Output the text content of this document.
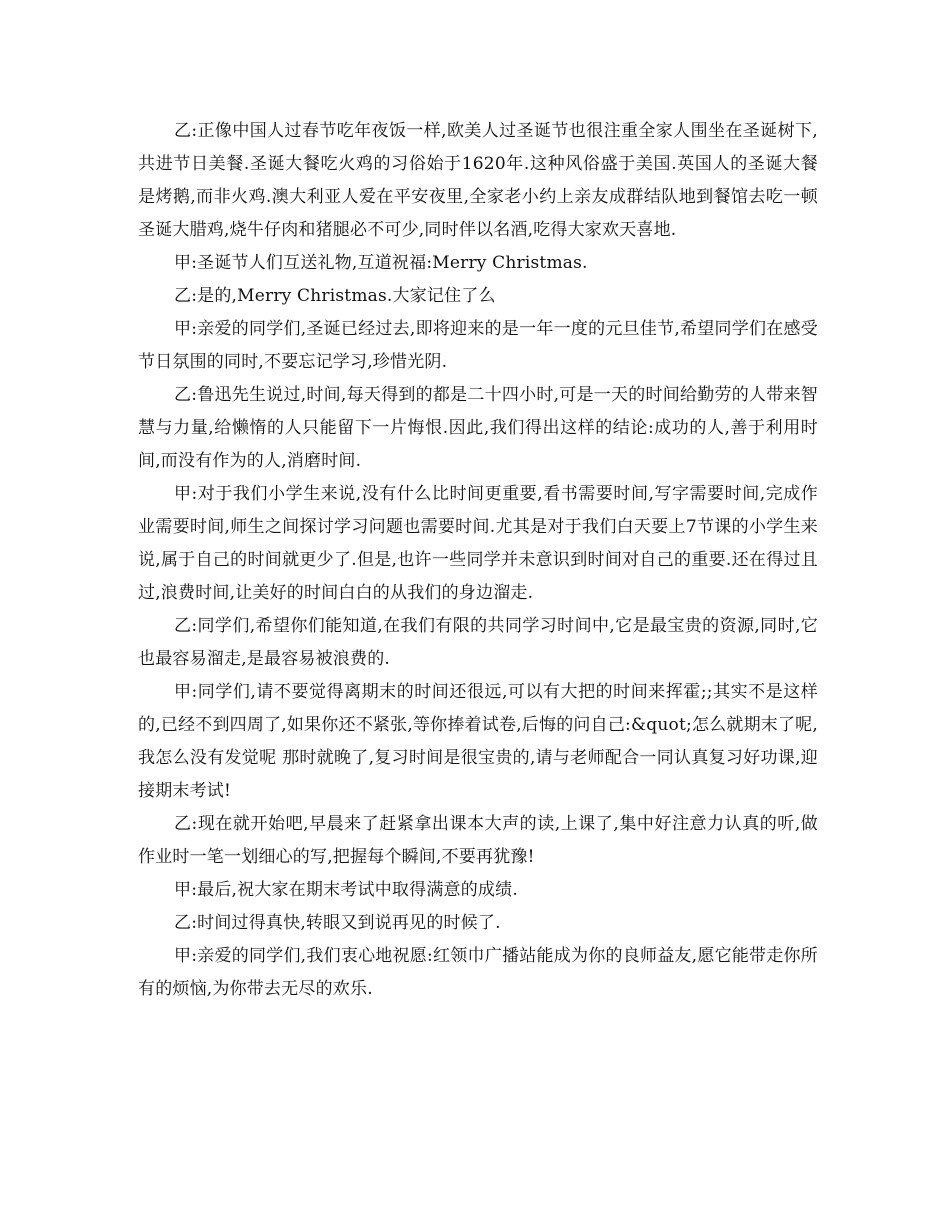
乙:正像中国人过春节吃年夜饭一样,欧美人过圣诞节也很注重全家人围坐在圣诞树下,共进节日美餐.圣诞大餐吃火鸡的习俗始于1620年.这种风俗盛于美国.英国人的圣诞大餐是烤鹅,而非火鸡.澳大利亚人爱在平安夜里,全家老小约上亲友成群结队地到餐馆去吃一顿圣诞大腊鸡,烧牛仔肉和猪腿必不可少,同时伴以名酒,吃得大家欢天喜地.

甲:圣诞节人们互送礼物,互道祝福:Merry Christmas.

乙:是的,Merry Christmas.大家记住了么

甲:亲爱的同学们,圣诞已经过去,即将迎来的是一年一度的元旦佳节,希望同学们在感受节日氛围的同时,不要忘记学习,珍惜光阴.

乙:鲁迅先生说过,时间,每天得到的都是二十四小时,可是一天的时间给勤劳的人带来智慧与力量,给懒惰的人只能留下一片悔恨.因此,我们得出这样的结论:成功的人,善于利用时间,而没有作为的人,消磨时间.

甲:对于我们小学生来说,没有什么比时间更重要,看书需要时间,写字需要时间,完成作业需要时间,师生之间探讨学习问题也需要时间.尤其是对于我们白天要上7节课的小学生来说,属于自己的时间就更少了.但是,也许一些同学并未意识到时间对自己的重要.还在得过且过,浪费时间,让美好的时间白白的从我们的身边溜走.

乙:同学们,希望你们能知道,在我们有限的共同学习时间中,它是最宝贵的资源,同时,它也最容易溜走,是最容易被浪费的.

甲:同学们,请不要觉得离期末的时间还很远,可以有大把的时间来挥霍;;其实不是这样的,已经不到四周了,如果你还不紧张,等你捧着试卷,后悔的问自己:&quot;怎么就期末了呢,我怎么没有发觉呢 那时就晚了,复习时间是很宝贵的,请与老师配合一同认真复习好功课,迎接期末考试!

乙:现在就开始吧,早晨来了赶紧拿出课本大声的读,上课了,集中好注意力认真的听,做作业时一笔一划细心的写,把握每个瞬间,不要再犹豫!

甲:最后,祝大家在期末考试中取得满意的成绩.

乙:时间过得真快,转眼又到说再见的时候了.

甲:亲爱的同学们,我们衷心地祝愿:红领巾广播站能成为你的良师益友,愿它能带走你所有的烦恼,为你带去无尽的欢乐.
